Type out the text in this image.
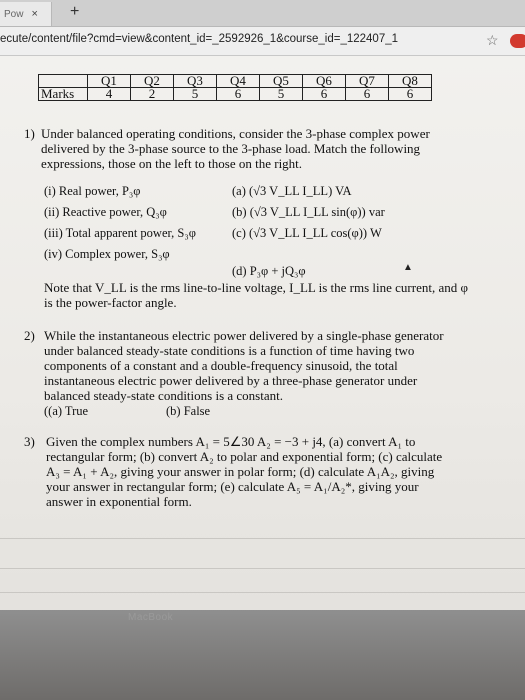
Pow × +
ecute/content/file?cmd=view&content_id=_2592926_1&course_id=_122407_1	☆
	Q1	Q2	Q3	Q4	Q5	Q6	Q7	Q8
Marks	4	2	5	6	5	6	6	6
1) Under balanced operating conditions, consider the 3-phase complex power
delivered by the 3-phase source to the 3-phase load. Match the following
expressions, those on the left to those on the right.
(i) Real power, P₃φ
(ii) Reactive power, Q₃φ
(iii) Total apparent power, S₃φ
(iv) Complex power, S₃φ
(a) (√3 V_LL I_LL) VA
(b) (√3 V_LL I_LL sin(φ)) var
(c) (√3 V_LL I_LL cos(φ)) W
(d) P₃φ + jQ₃φ	▲
Note that V_LL is the rms line-to-line voltage, I_LL is the rms line current, and φ
is the power-factor angle.
2) While the instantaneous electric power delivered by a single-phase generator
under balanced steady-state conditions is a function of time having two
components of a constant and a double-frequency sinusoid, the total
instantaneous electric power delivered by a three-phase generator under
balanced steady-state conditions is a constant.
((a) True	(b) False
3) Given the complex numbers A₁ = 5∠30 A₂ = −3 + j4, (a) convert A₁ to
rectangular form; (b) convert A₂ to polar and exponential form; (c) calculate
A₃ = A₁ + A₂, giving your answer in polar form; (d) calculate A₁A₂, giving
your answer in rectangular form; (e) calculate A₅ = A₁/A₂*, giving your
answer in exponential form.
MacBook
